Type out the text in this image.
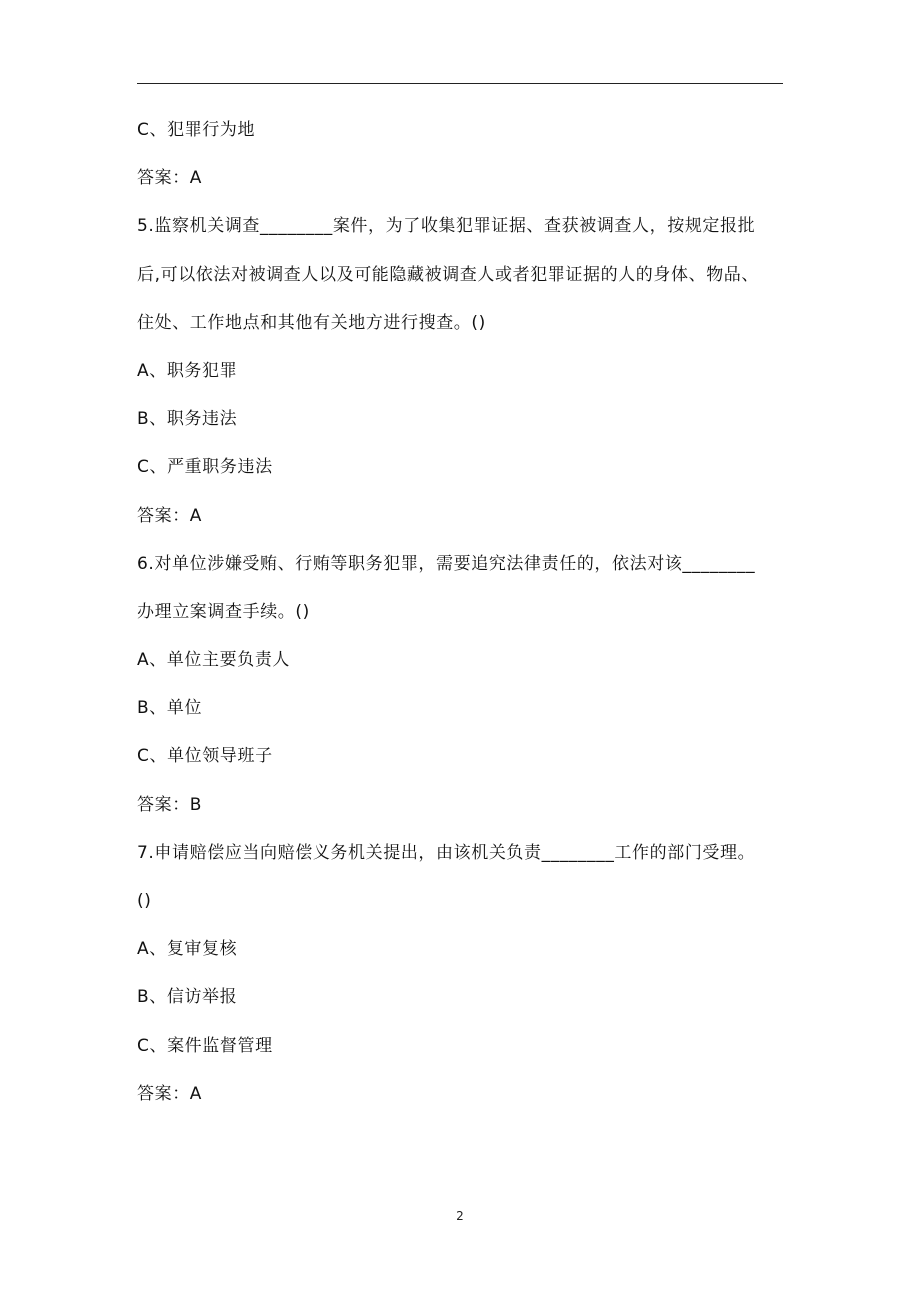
C、犯罪行为地
答案：A
5.监察机关调查________案件，为了收集犯罪证据、查获被调查人，按规定报批
后,可以依法对被调查人以及可能隐藏被调查人或者犯罪证据的人的身体、物品、
住处、工作地点和其他有关地方进行搜查。()
A、职务犯罪
B、职务违法
C、严重职务违法
答案：A
6.对单位涉嫌受贿、行贿等职务犯罪，需要追究法律责任的，依法对该________
办理立案调查手续。()
A、单位主要负责人
B、单位
C、单位领导班子
答案：B
7.申请赔偿应当向赔偿义务机关提出，由该机关负责________工作的部门受理。
()
A、复审复核
B、信访举报
C、案件监督管理
答案：A
2
